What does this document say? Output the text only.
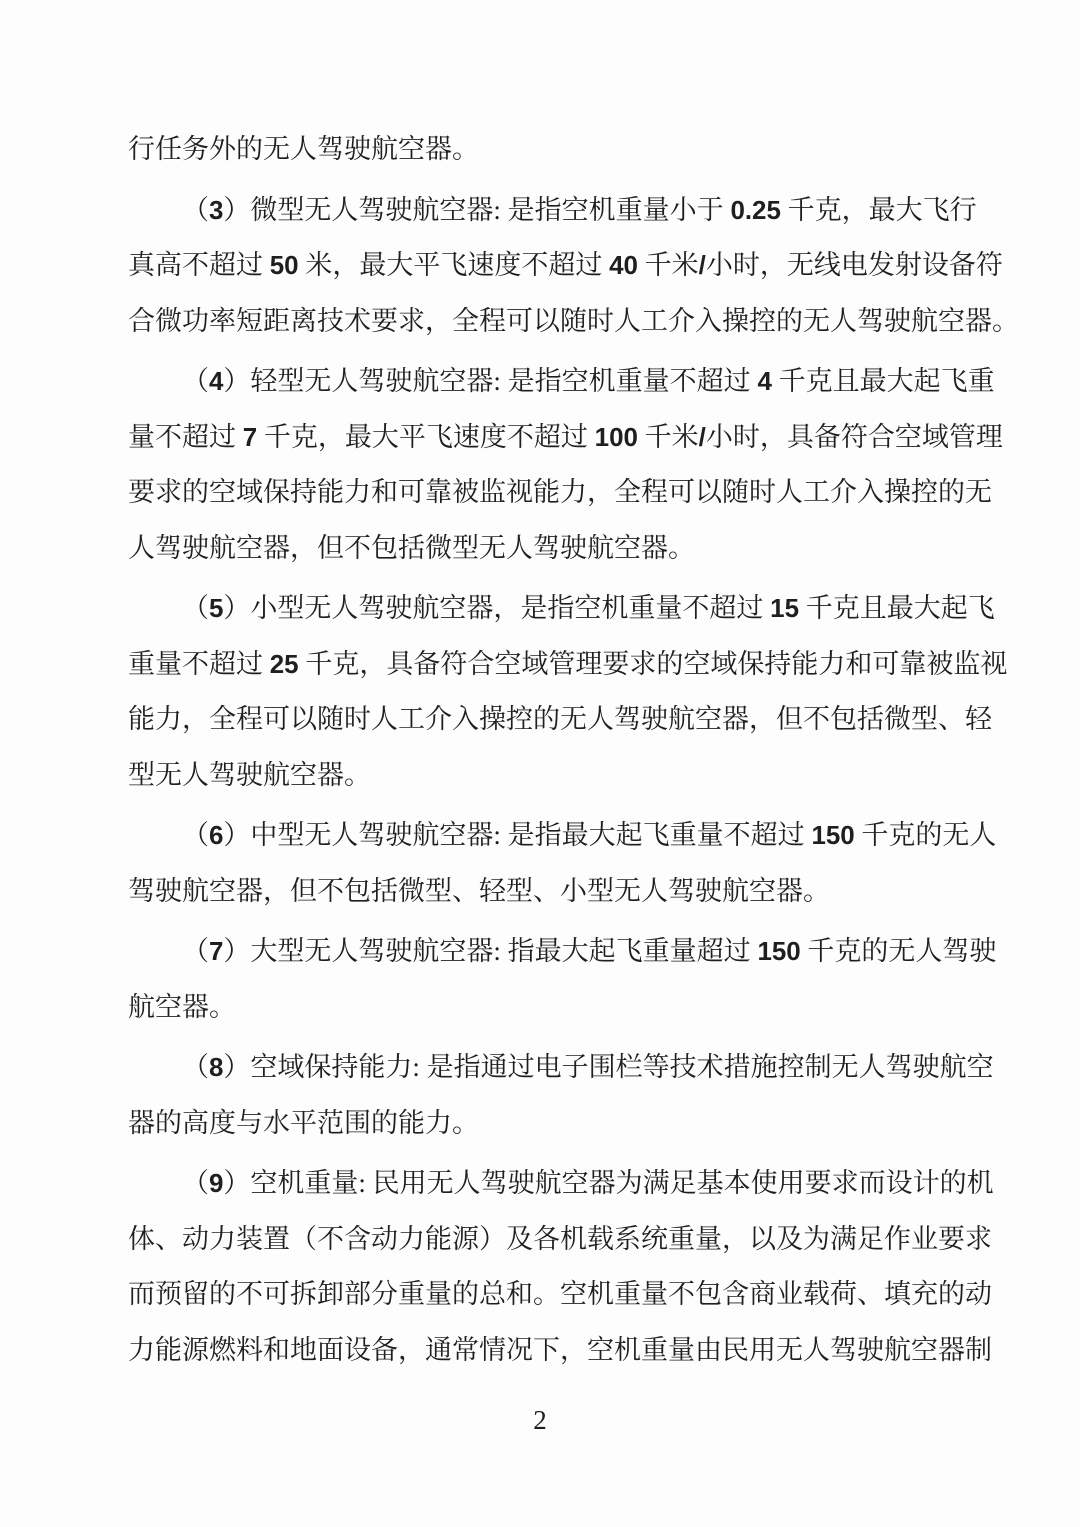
行任务外的无人驾驶航空器。
（3）微型无人驾驶航空器: 是指空机重量小于 0.25 千克，最大飞行
真高不超过 50 米，最大平飞速度不超过 40 千米/小时，无线电发射设备符
合微功率短距离技术要求，全程可以随时人工介入操控的无人驾驶航空器。
（4）轻型无人驾驶航空器: 是指空机重量不超过 4 千克且最大起飞重
量不超过 7 千克，最大平飞速度不超过 100 千米/小时，具备符合空域管理
要求的空域保持能力和可靠被监视能力，全程可以随时人工介入操控的无
人驾驶航空器，但不包括微型无人驾驶航空器。
（5）小型无人驾驶航空器，是指空机重量不超过 15 千克且最大起飞
重量不超过 25 千克，具备符合空域管理要求的空域保持能力和可靠被监视
能力，全程可以随时人工介入操控的无人驾驶航空器，但不包括微型、轻
型无人驾驶航空器。
（6）中型无人驾驶航空器: 是指最大起飞重量不超过 150 千克的无人
驾驶航空器，但不包括微型、轻型、小型无人驾驶航空器。
（7）大型无人驾驶航空器: 指最大起飞重量超过 150 千克的无人驾驶
航空器。
（8）空域保持能力: 是指通过电子围栏等技术措施控制无人驾驶航空
器的高度与水平范围的能力。
（9）空机重量: 民用无人驾驶航空器为满足基本使用要求而设计的机
体、动力装置（不含动力能源）及各机载系统重量，以及为满足作业要求
而预留的不可拆卸部分重量的总和。空机重量不包含商业载荷、填充的动
力能源燃料和地面设备，通常情况下，空机重量由民用无人驾驶航空器制
2
